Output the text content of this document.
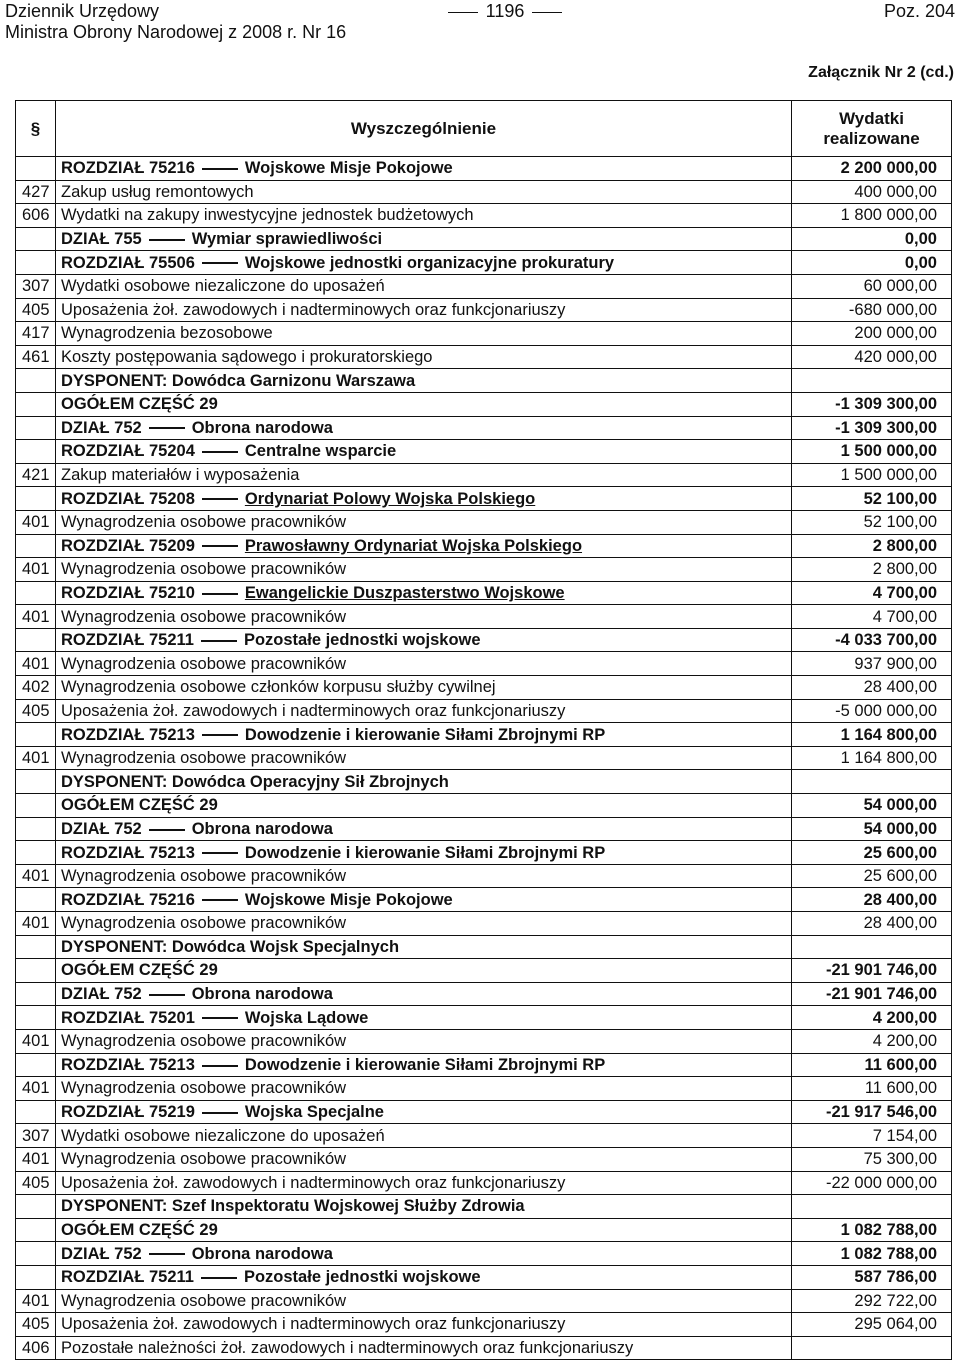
Dziennik Urzędowy	1196	Poz. 204
Ministra Obrony Narodowej z 2008 r. Nr 16
Załącznik Nr 2 (cd.)
§	Wyszczególnienie	Wydatki
realizowane
	ROZDZIAŁ 75216 Wojskowe Misje Pokojowe	2 200 000,00
427	Zakup usług remontowych	400 000,00
606	Wydatki na zakupy inwestycyjne jednostek budżetowych	1 800 000,00
	DZIAŁ 755 Wymiar sprawiedliwości	0,00
	ROZDZIAŁ 75506 Wojskowe jednostki organizacyjne prokuratury	0,00
307	Wydatki osobowe niezaliczone do uposażeń	60 000,00
405	Uposażenia żoł. zawodowych i nadterminowych oraz funkcjonariuszy	-680 000,00
417	Wynagrodzenia bezosobowe	200 000,00
461	Koszty postępowania sądowego i prokuratorskiego	420 000,00
	DYSPONENT: Dowódca Garnizonu Warszawa	
	OGÓŁEM CZĘŚĆ 29	-1 309 300,00
	DZIAŁ 752 Obrona narodowa	-1 309 300,00
	ROZDZIAŁ 75204 Centralne wsparcie	1 500 000,00
421	Zakup materiałów i wyposażenia	1 500 000,00
	ROZDZIAŁ 75208 Ordynariat Polowy Wojska Polskiego	52 100,00
401	Wynagrodzenia osobowe pracowników	52 100,00
	ROZDZIAŁ 75209 Prawosławny Ordynariat Wojska Polskiego	2 800,00
401	Wynagrodzenia osobowe pracowników	2 800,00
	ROZDZIAŁ 75210 Ewangelickie Duszpasterstwo Wojskowe	4 700,00
401	Wynagrodzenia osobowe pracowników	4 700,00
	ROZDZIAŁ 75211 Pozostałe jednostki wojskowe	-4 033 700,00
401	Wynagrodzenia osobowe pracowników	937 900,00
402	Wynagrodzenia osobowe członków korpusu służby cywilnej	28 400,00
405	Uposażenia żoł. zawodowych i nadterminowych oraz funkcjonariuszy	-5 000 000,00
	ROZDZIAŁ 75213 Dowodzenie i kierowanie Siłami Zbrojnymi RP	1 164 800,00
401	Wynagrodzenia osobowe pracowników	1 164 800,00
	DYSPONENT: Dowódca Operacyjny Sił Zbrojnych	
	OGÓŁEM CZĘŚĆ 29	54 000,00
	DZIAŁ 752 Obrona narodowa	54 000,00
	ROZDZIAŁ 75213 Dowodzenie i kierowanie Siłami Zbrojnymi RP	25 600,00
401	Wynagrodzenia osobowe pracowników	25 600,00
	ROZDZIAŁ 75216 Wojskowe Misje Pokojowe	28 400,00
401	Wynagrodzenia osobowe pracowników	28 400,00
	DYSPONENT: Dowódca Wojsk Specjalnych	
	OGÓŁEM CZĘŚĆ 29	-21 901 746,00
	DZIAŁ 752 Obrona narodowa	-21 901 746,00
	ROZDZIAŁ 75201 Wojska Lądowe	4 200,00
401	Wynagrodzenia osobowe pracowników	4 200,00
	ROZDZIAŁ 75213 Dowodzenie i kierowanie Siłami Zbrojnymi RP	11 600,00
401	Wynagrodzenia osobowe pracowników	11 600,00
	ROZDZIAŁ 75219 Wojska Specjalne	-21 917 546,00
307	Wydatki osobowe niezaliczone do uposażeń	7 154,00
401	Wynagrodzenia osobowe pracowników	75 300,00
405	Uposażenia żoł. zawodowych i nadterminowych oraz funkcjonariuszy	-22 000 000,00
	DYSPONENT: Szef Inspektoratu Wojskowej Służby Zdrowia	
	OGÓŁEM CZĘŚĆ 29	1 082 788,00
	DZIAŁ 752 Obrona narodowa	1 082 788,00
	ROZDZIAŁ 75211 Pozostałe jednostki wojskowe	587 786,00
401	Wynagrodzenia osobowe pracowników	292 722,00
405	Uposażenia żoł. zawodowych i nadterminowych oraz funkcjonariuszy	295 064,00
406	Pozostałe należności żoł. zawodowych i nadterminowych oraz funkcjonariuszy	
